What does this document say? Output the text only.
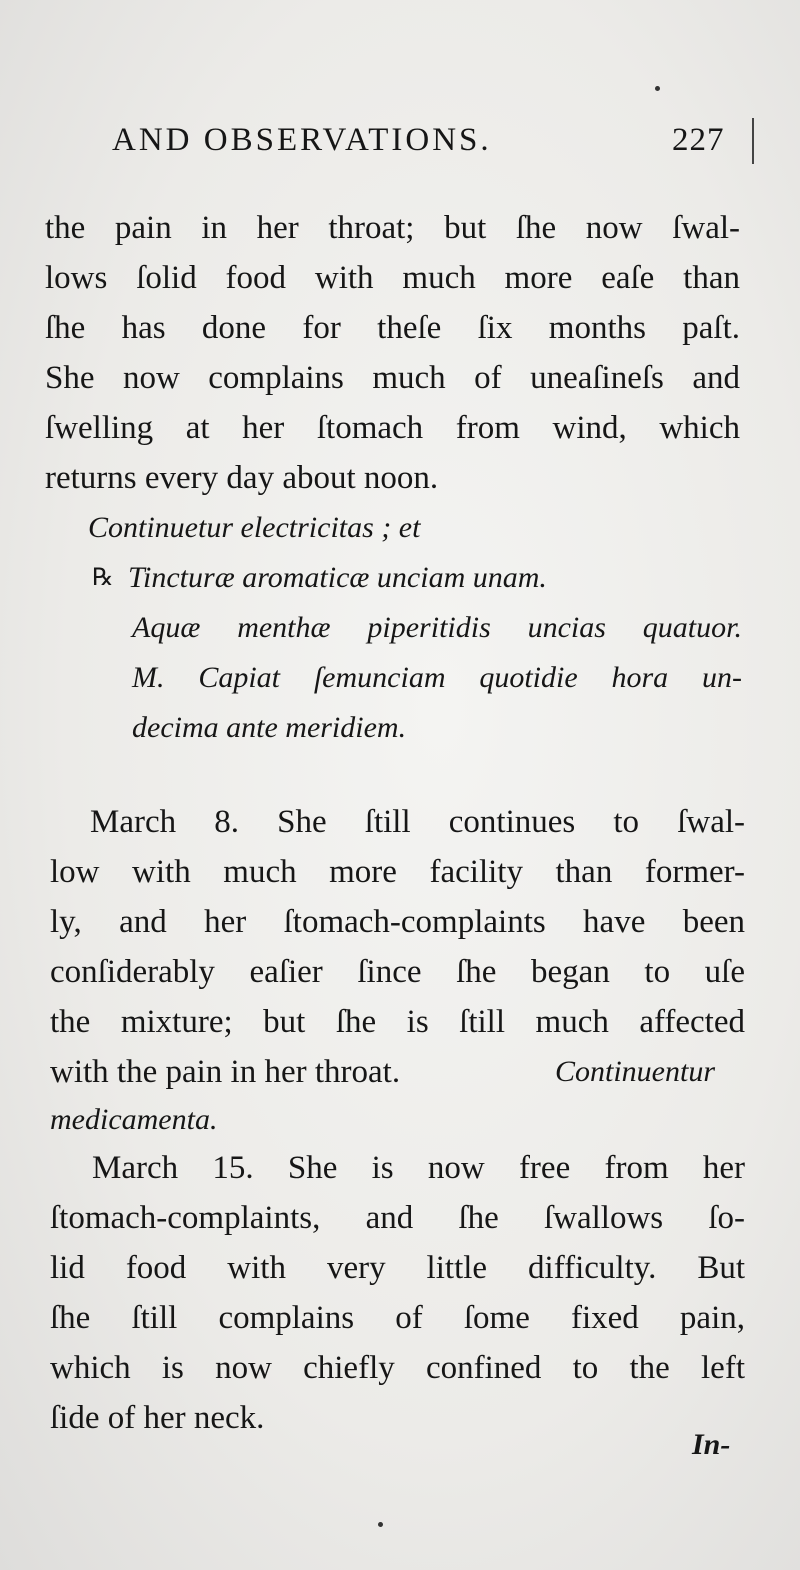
AND OBSERVATIONS.	227
the pain in her throat; but ſhe now ſwal-
lows ſolid food with much more eaſe than
ſhe has done for theſe ſix months paſt.
She now complains much of uneaſineſs and
ſwelling at her ſtomach from wind, which
returns every day about noon.
Continuetur electricitas ; et
℞ Tincturæ aromaticæ unciam unam.
Aquæ menthæ piperitidis uncias quatuor.
M. Capiat ſemunciam quotidie hora un-
decima ante meridiem.
March 8. She ſtill continues to ſwal-
low with much more facility than former-
ly, and her ſtomach-complaints have been
conſiderably eaſier ſince ſhe began to uſe
the mixture; but ſhe is ſtill much affected
with the pain in her throat.	Continuentur
medicamenta.
March 15. She is now free from her
ſtomach-complaints, and ſhe ſwallows ſo-
lid food with very little difficulty. But
ſhe ſtill complains of ſome fixed pain,
which is now chiefly confined to the left
ſide of her neck.
In-
